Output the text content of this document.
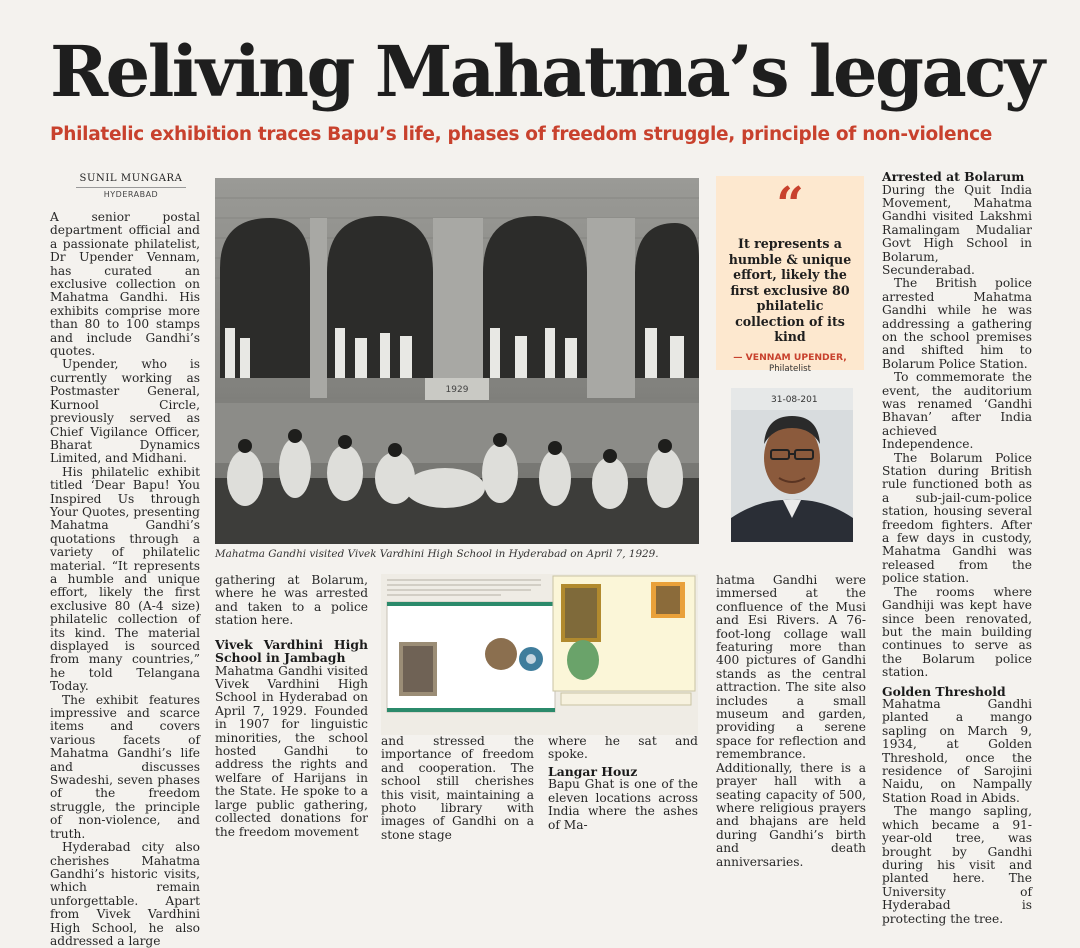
Reliving Mahatma’s legacy
Philatelic exhibition traces Bapu’s life, phases of freedom struggle, principle of non-violence
SUNIL MUNGARA
HYDERABAD

A senior postal department official and a passionate philatelist, Dr Upender Vennam, has curated an exclusive collection on Mahatma Gandhi. His exhibits comprise more than 80 to 100 stamps and include Gandhi’s quotes.

Upender, who is currently working as Postmaster General, Kurnool Circle, previously served as Chief Vigilance Officer, Bharat Dynamics Limited, and Midhani.

His philatelic exhibit titled ‘Dear Bapu! You Inspired Us through Your Quotes, presenting Mahatma Gandhi’s quotations through a variety of philatelic material. “It represents a humble and unique effort, likely the first exclusive 80 (A-4 size) philatelic collection of its kind. The material displayed is sourced from many countries,” he told Telangana Today.

The exhibit features impressive and scarce items and covers various facets of Mahatma Gandhi’s life and discusses Swadeshi, seven phases of the freedom struggle, the principle of non-violence, and truth.

Hyderabad city also cherishes Mahatma Gandhi’s historic visits, which remain unforgettable. Apart from Vivek Vardhini High School, he also addressed a large

1929
Mahatma Gandhi visited Vivek Vardhini High School in Hyderabad on April 7, 1929.

gathering at Bolarum, where he was arrested and taken to a police station here.

Vivek Vardhini High School in Jambagh

Mahatma Gandhi visited Vivek Vardhini High School in Hyderabad on April 7, 1929. Founded in 1907 for linguistic minorities, the school hosted Gandhi to address the rights and welfare of Harijans in the State. He spoke to a large public gathering, collected donations for the freedom movement

and stressed the importance of freedom and cooperation. The school still cherishes this visit, maintaining a photo library with images of Gandhi on a stone stage

where he sat and spoke.

Langar Houz

Bapu Ghat is one of the eleven locations across India where the ashes of Ma-

hatma Gandhi were immersed at the confluence of the Musi and Esi Rivers. A 76-foot-long collage wall featuring more than 400 pictures of Gandhi stands as the central attraction. The site also includes a small museum and garden, providing a serene space for reflection and remembrance. Additionally, there is a prayer hall with a seating capacity of 500, where religious prayers and bhajans are held during Gandhi’s birth and death anniversaries.

“
It represents a humble & unique effort, likely the first exclusive 80 philatelic collection of its kind
— VENNAM UPENDER,
Philatelist
31-08-201
Arrested at Bolarum

During the Quit India Movement, Mahatma Gandhi visited Lakshmi Ramalingam Mudaliar Govt High School in Bolarum, Secunderabad.

The British police arrested Mahatma Gandhi while he was addressing a gathering on the school premises and shifted him to Bolarum Police Station.

To commemorate the event, the auditorium was renamed ‘Gandhi Bhavan’ after India achieved Independence.

The Bolarum Police Station during British rule functioned both as a sub-jail-cum-police station, housing several freedom fighters. After a few days in custody, Mahatma Gandhi was released from the police station.

The rooms where Gandhiji was kept have since been renovated, but the main building continues to serve as the Bolarum police station.

Golden Threshold

Mahatma Gandhi planted a mango sapling on March 9, 1934, at Golden Threshold, once the residence of Sarojini Naidu, on Nampally Station Road in Abids.

The mango sapling, which became a 91-year-old tree, was brought by Gandhi during his visit and planted here. The University of Hyderabad is protecting the tree.
